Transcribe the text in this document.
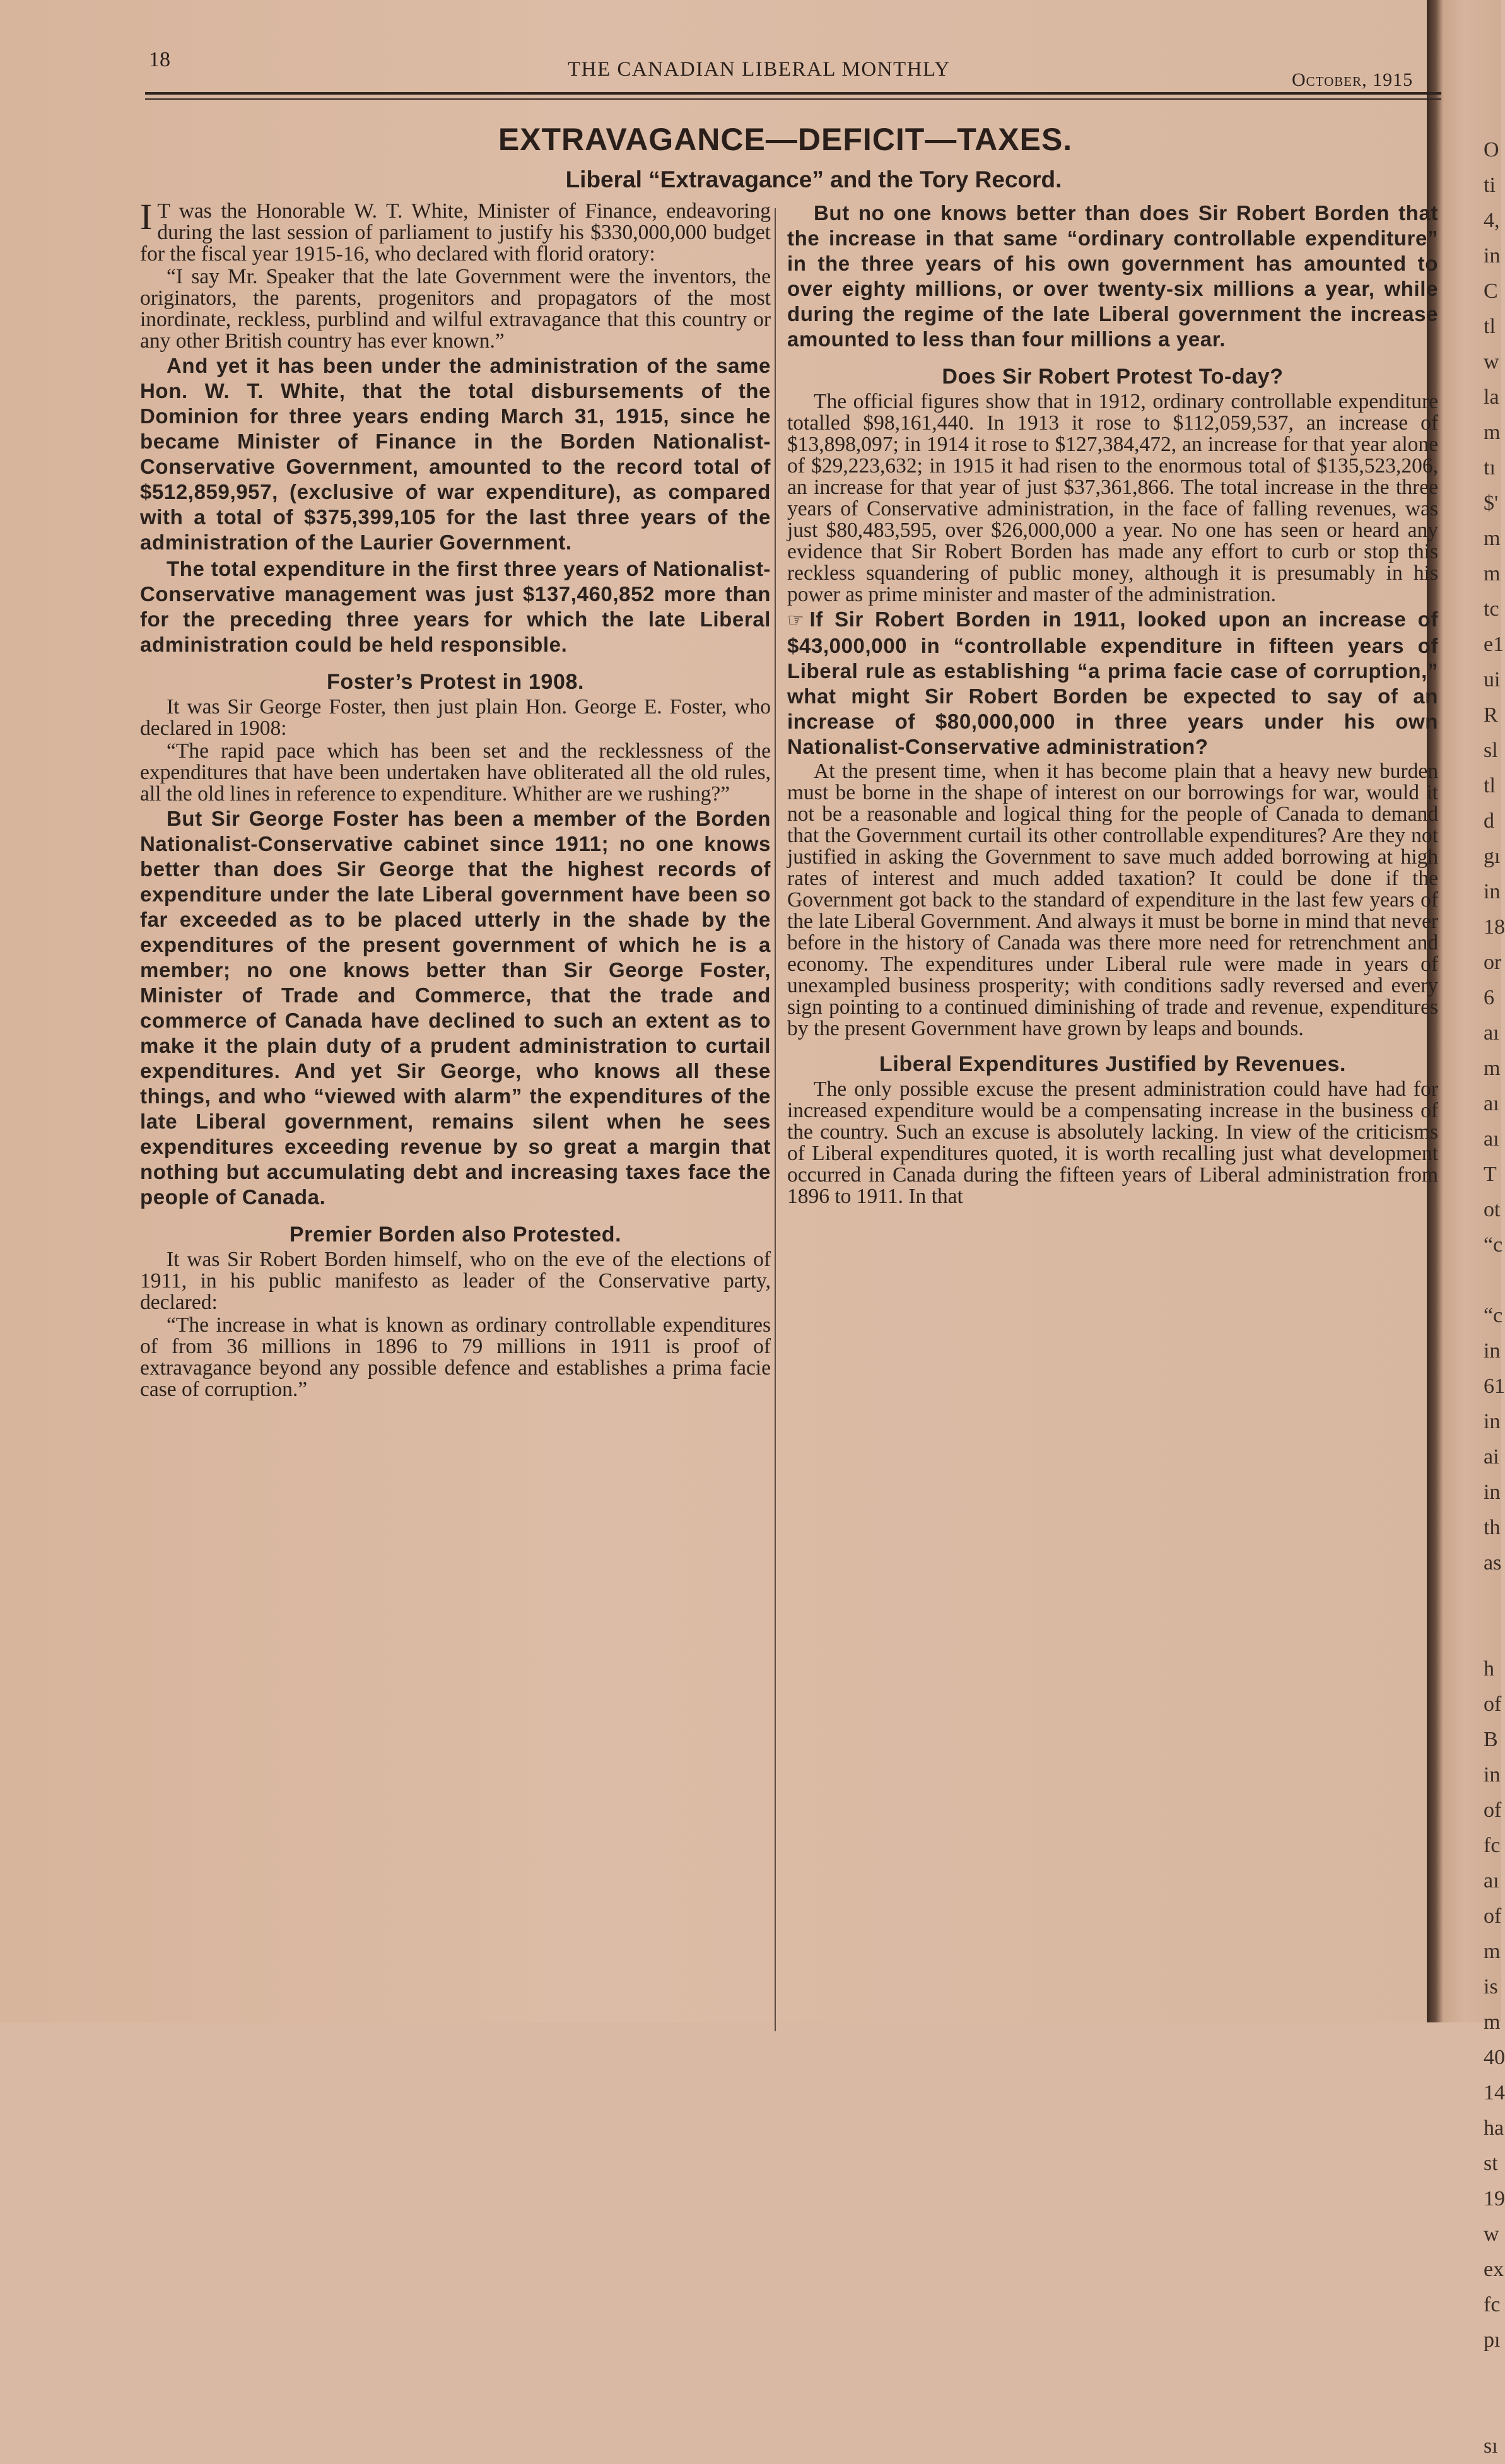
O
ti
4,
in
C
tl
w
la
m
tı
$'
m
m
tc
e1
ui
R
sl
tl
d
gı
in
18
or
6
aı
m
aı
aı
T
ot
“c
“c
in
61
in
ai
in
th
as
h
of
B
in
of
fc
aı
of
m
is
m
40
14
ha
st
19
w
ex
fc
pı
sı
18	THE CANADIAN LIBERAL MONTHLY	October, 1915
EXTRAVAGANCE—DEFICIT—TAXES.
Liberal “Extravagance” and the Tory Record.

I T was the Honorable W. T. White, Minister of Finance, endeavoring during the last session of parliament to justify his $330,000,000 budget for the fiscal year 1915-16, who declared with florid oratory:

“I say Mr. Speaker that the late Government were the inventors, the originators, the parents, progenitors and propagators of the most inordinate, reckless, purblind and wilful extravagance that this country or any other British country has ever known.”

And yet it has been under the administration of the same Hon. W. T. White, that the total disbursements of the Dominion for three years ending March 31, 1915, since he became Minister of Finance in the Borden Nationalist-Conservative Government, amounted to the record total of $512,859,957, (exclusive of war expenditure), as compared with a total of $375,399,105 for the last three years of the administration of the Laurier Government.

The total expenditure in the first three years of Nationalist-Conservative management was just $137,460,852 more than for the preceding three years for which the late Liberal administration could be held responsible.

Foster’s Protest in 1908.

It was Sir George Foster, then just plain Hon. George E. Foster, who declared in 1908:

“The rapid pace which has been set and the recklessness of the expenditures that have been undertaken have obliterated all the old rules, all the old lines in reference to expenditure. Whither are we rushing?”

But Sir George Foster has been a member of the Borden Nationalist-Conservative cabinet since 1911; no one knows better than does Sir George that the highest records of expenditure under the late Liberal government have been so far exceeded as to be placed utterly in the shade by the expenditures of the present government of which he is a member; no one knows better than Sir George Foster, Minister of Trade and Commerce, that the trade and commerce of Canada have declined to such an extent as to make it the plain duty of a prudent administration to curtail expenditures. And yet Sir George, who knows all these things, and who “viewed with alarm” the expenditures of the late Liberal government, remains silent when he sees expenditures exceeding revenue by so great a margin that nothing but accumulating debt and increasing taxes face the people of Canada.

Premier Borden also Protested.

It was Sir Robert Borden himself, who on the eve of the elections of 1911, in his public manifesto as leader of the Conservative party, declared:

“The increase in what is known as ordinary controllable expenditures of from 36 millions in 1896 to 79 millions in 1911 is proof of extravagance beyond any possible defence and establishes a prima facie case of corruption.”

But no one knows better than does Sir Robert Borden that the increase in that same “ordinary controllable expenditure” in the three years of his own government has amounted to over eighty millions, or over twenty-six millions a year, while during the regime of the late Liberal government the increase amounted to less than four millions a year.

Does Sir Robert Protest To-day?

The official figures show that in 1912, ordinary controllable expenditure totalled $98,161,440. In 1913 it rose to $112,059,537, an increase of $13,898,097; in 1914 it rose to $127,384,472, an increase for that year alone of $29,223,632; in 1915 it had risen to the enormous total of $135,523,206, an increase for that year of just $37,361,866. The total increase in the three years of Conservative administration, in the face of falling revenues, was just $80,483,595, over $26,000,000 a year. No one has seen or heard any evidence that Sir Robert Borden has made any effort to curb or stop this reckless squandering of public money, although it is presumably in his power as prime minister and master of the administration.

☞ If Sir Robert Borden in 1911, looked upon an increase of $43,000,000 in “controllable expenditure in fifteen years of Liberal rule as establishing “a prima facie case of corruption,” what might Sir Robert Borden be expected to say of an increase of $80,000,000 in three years under his own Nationalist-Conservative administration?

At the present time, when it has become plain that a heavy new burden must be borne in the shape of interest on our borrowings for war, would it not be a reasonable and logical thing for the people of Canada to demand that the Government curtail its other controllable expenditures? Are they not justified in asking the Government to save much added borrowing at high rates of interest and much added taxation? It could be done if the Government got back to the standard of expenditure in the last few years of the late Liberal Government. And always it must be borne in mind that never before in the history of Canada was there more need for retrenchment and economy. The expenditures under Liberal rule were made in years of unexampled business prosperity; with conditions sadly reversed and every sign pointing to a continued diminishing of trade and revenue, expenditures by the present Government have grown by leaps and bounds.

Liberal Expenditures Justified by Revenues.

The only possible excuse the present administration could have had for increased expenditure would be a compensating increase in the business of the country. Such an excuse is absolutely lacking. In view of the criticisms of Liberal expenditures quoted, it is worth recalling just what development occurred in Canada during the fifteen years of Liberal administration from 1896 to 1911. In that
